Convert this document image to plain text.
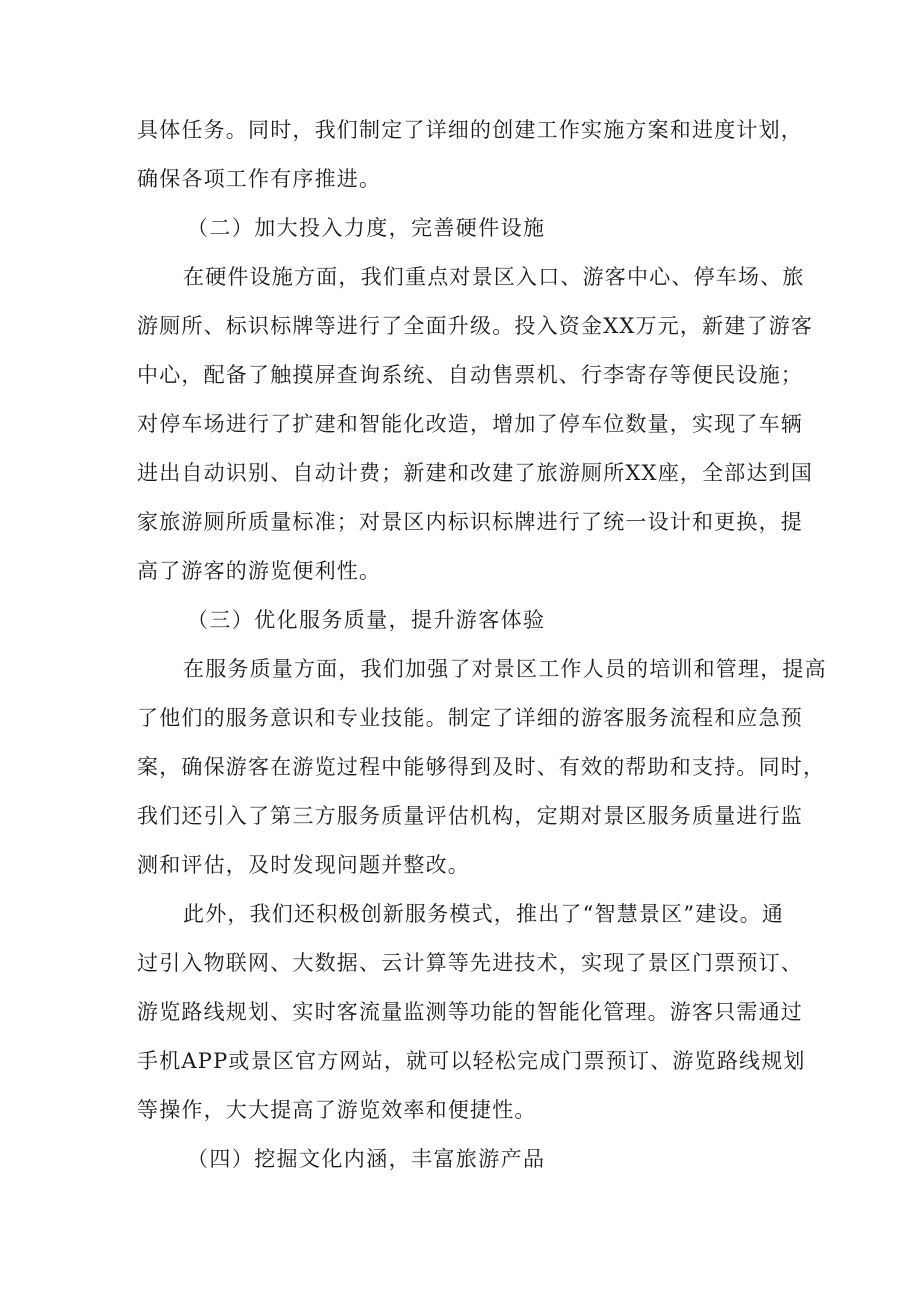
具体任务。同时，我们制定了详细的创建工作实施方案和进度计划，

确保各项工作有序推进。

（二）加大投入力度，完善硬件设施

在硬件设施方面，我们重点对景区入口、游客中心、停车场、旅

游厕所、标识标牌等进行了全面升级。投入资金XX万元，新建了游客

中心，配备了触摸屏查询系统、自动售票机、行李寄存等便民设施；

对停车场进行了扩建和智能化改造，增加了停车位数量，实现了车辆

进出自动识别、自动计费；新建和改建了旅游厕所XX座，全部达到国

家旅游厕所质量标准；对景区内标识标牌进行了统一设计和更换，提

高了游客的游览便利性。

（三）优化服务质量，提升游客体验

在服务质量方面，我们加强了对景区工作人员的培训和管理，提高

了他们的服务意识和专业技能。制定了详细的游客服务流程和应急预

案，确保游客在游览过程中能够得到及时、有效的帮助和支持。同时，

我们还引入了第三方服务质量评估机构，定期对景区服务质量进行监

测和评估，及时发现问题并整改。

此外，我们还积极创新服务模式，推出了“智慧景区”建设。通

过引入物联网、大数据、云计算等先进技术，实现了景区门票预订、

游览路线规划、实时客流量监测等功能的智能化管理。游客只需通过

手机APP或景区官方网站，就可以轻松完成门票预订、游览路线规划

等操作，大大提高了游览效率和便捷性。

（四）挖掘文化内涵，丰富旅游产品
